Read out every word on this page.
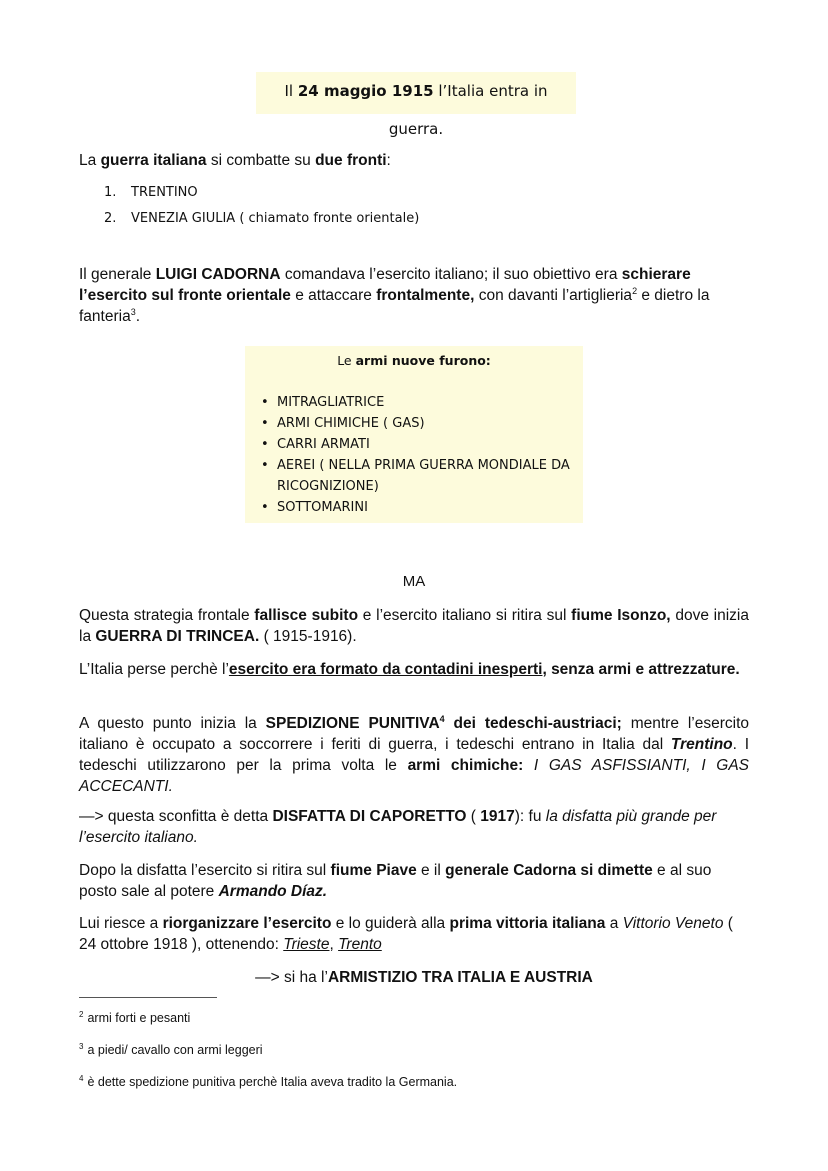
Il 24 maggio 1915 l’Italia entra in guerra.
La guerra italiana si combatte su due fronti:
1. TRENTINO
2. VENEZIA GIULIA ( chiamato fronte orientale)
Il generale LUIGI CADORNA comandava l’esercito italiano; il suo obiettivo era schierare l’esercito sul fronte orientale e attaccare frontalmente, con davanti l’artiglieria$^2$ e dietro la fanteria$^3$.
Le armi nuove furono:
• MITRAGLIATRICE
• ARMI CHIMICHE ( GAS)
• CARRI ARMATI
• AEREI ( NELLA PRIMA GUERRA MONDIALE DA RICOGNIZIONE)
• SOTTOMARINI
MA
Questa strategia frontale fallisce subito e l’esercito italiano si ritira sul fiume Isonzo, dove inizia la GUERRA DI TRINCEA. ( 1915-1916).
L’Italia perse perchè l’esercito era formato da contadini inesperti, senza armi e attrezzature.
A questo punto inizia la SPEDIZIONE PUNITIVA$^4$ dei tedeschi-austriaci; mentre l’esercito italiano è occupato a soccorrere i feriti di guerra, i tedeschi entrano in Italia dal Trentino. I tedeschi utilizzarono per la prima volta le armi chimiche: I GAS ASFISSIANTI, I GAS ACCECANTI.
—> questa sconfitta è detta DISFATTA DI CAPORETTO ( 1917): fu la disfatta più grande per l’esercito italiano.
Dopo la disfatta l’esercito si ritira sul fiume Piave e il generale Cadorna si dimette e al suo posto sale al potere Armando Díaz.
Lui riesce a riorganizzare l’esercito e lo guiderà alla prima vittoria italiana a Vittorio Veneto ( 24 ottobre 1918 ), ottenendo: Trieste, Trento
—> si ha l’ARMISTIZIO TRA ITALIA E AUSTRIA
$^2$ armi forti e pesanti
$^3$ a piedi/ cavallo con armi leggeri
$^4$ è dette spedizione punitiva perchè Italia aveva tradito la Germania.
